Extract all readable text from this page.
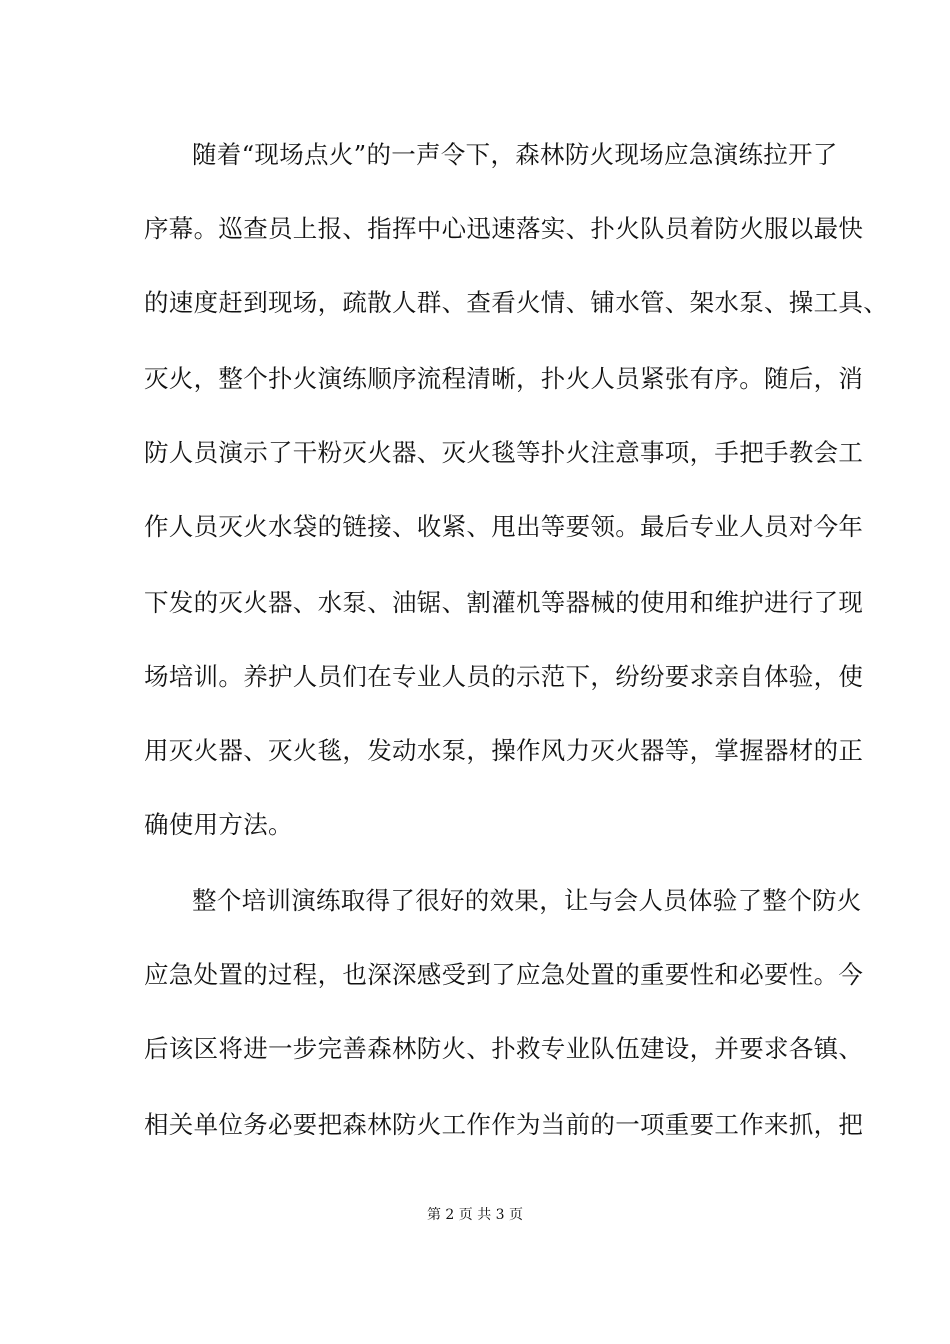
随着“现场点火”的一声令下，森林防火现场应急演练拉开了
序幕。巡查员上报、指挥中心迅速落实、扑火队员着防火服以最快
的速度赶到现场，疏散人群、查看火情、铺水管、架水泵、操工具、
灭火，整个扑火演练顺序流程清晰，扑火人员紧张有序。随后，消
防人员演示了干粉灭火器、灭火毯等扑火注意事项，手把手教会工
作人员灭火水袋的链接、收紧、甩出等要领。最后专业人员对今年
下发的灭火器、水泵、油锯、割灌机等器械的使用和维护进行了现
场培训。养护人员们在专业人员的示范下，纷纷要求亲自体验，使
用灭火器、灭火毯，发动水泵，操作风力灭火器等，掌握器材的正
确使用方法。
整个培训演练取得了很好的效果，让与会人员体验了整个防火
应急处置的过程，也深深感受到了应急处置的重要性和必要性。今
后该区将进一步完善森林防火、扑救专业队伍建设，并要求各镇、
相关单位务必要把森林防火工作作为当前的一项重要工作来抓，把
第 2 页 共 3 页
